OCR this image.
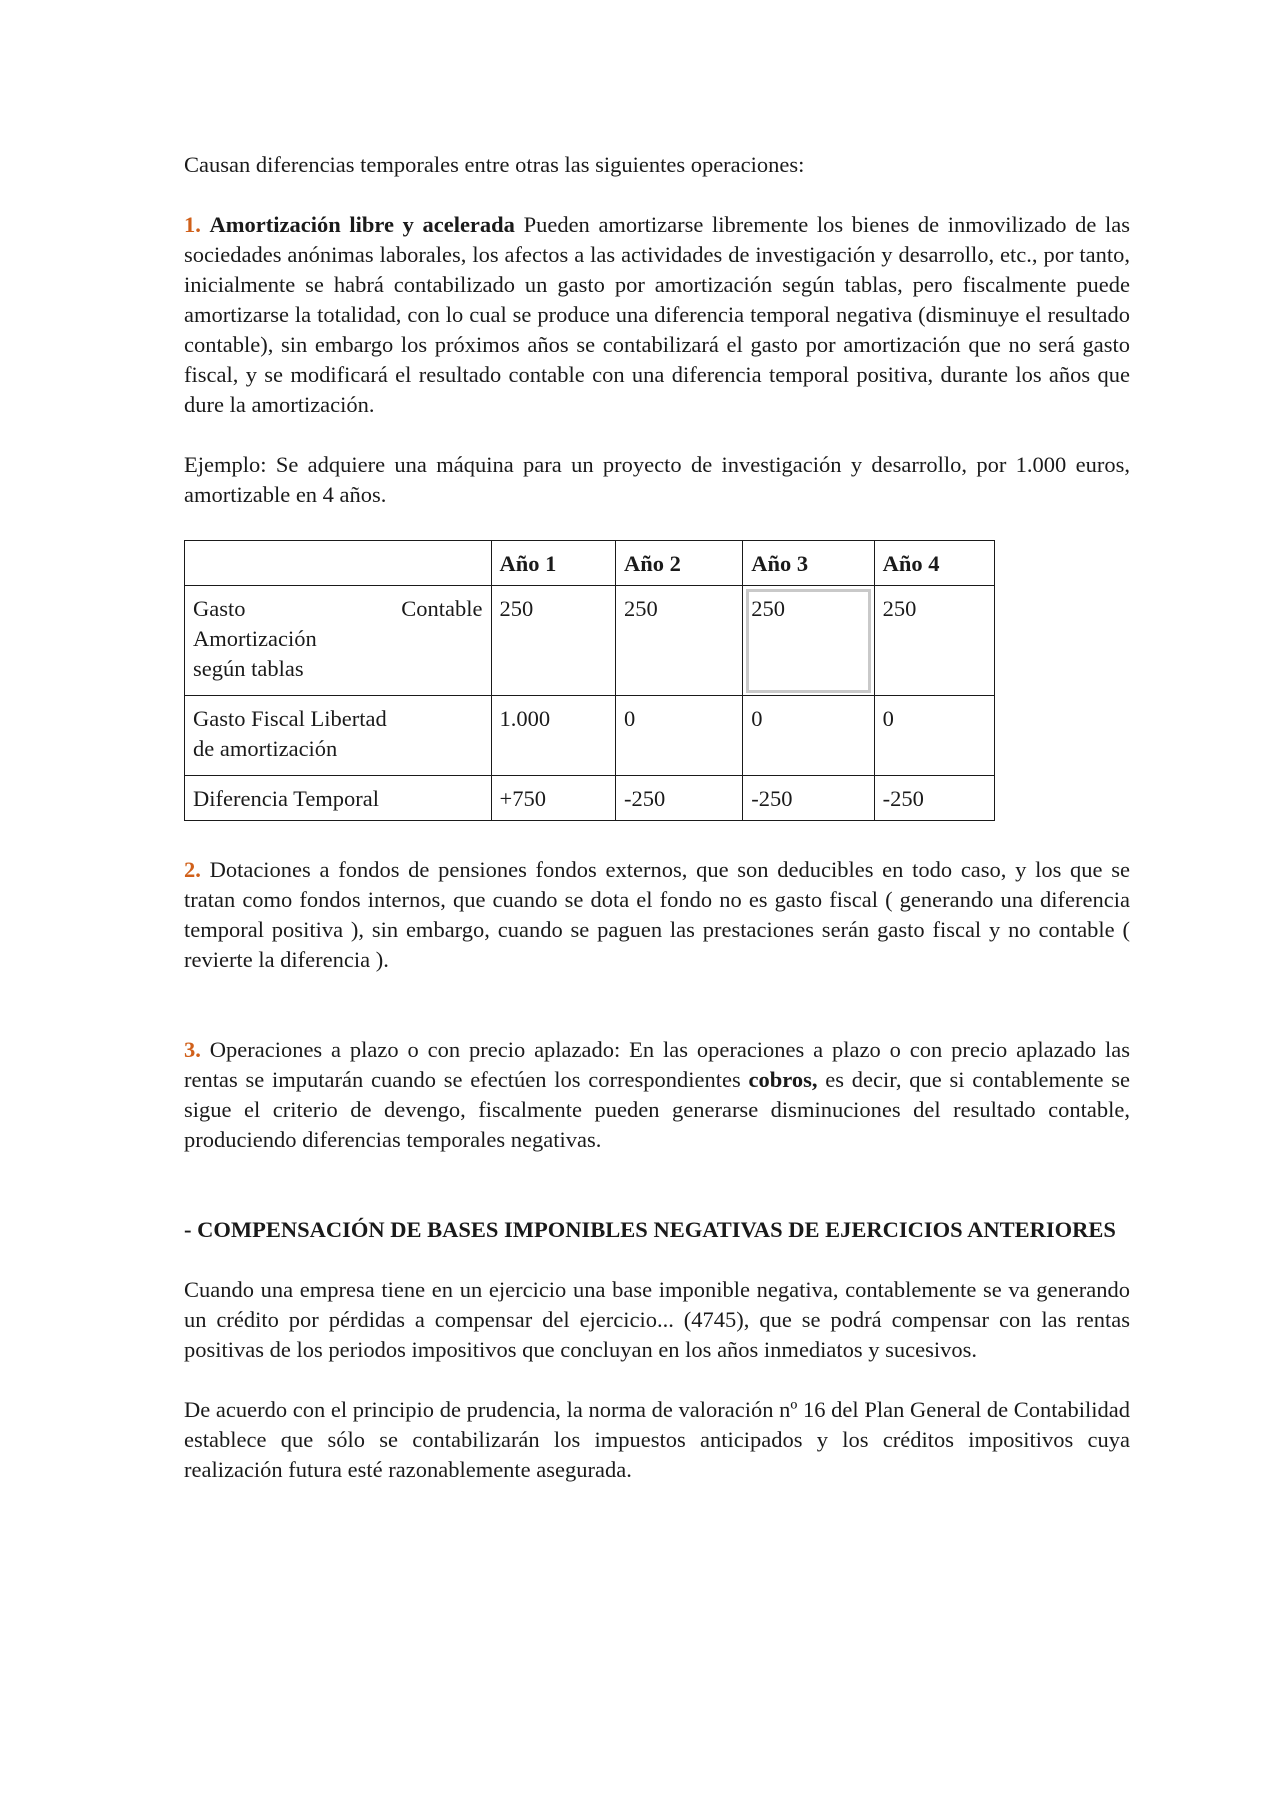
Causan diferencias temporales entre otras las siguientes operaciones:

1. Amortización libre y acelerada Pueden amortizarse libremente los bienes de inmovilizado de las sociedades anónimas laborales, los afectos a las actividades de investigación y desarrollo, etc., por tanto, inicialmente se habrá contabilizado un gasto por amortización según tablas, pero fiscalmente puede amortizarse la totalidad, con lo cual se produce una diferencia temporal negativa (disminuye el resultado contable), sin embargo los próximos años se contabilizará el gasto por amortización que no será gasto fiscal, y se modificará el resultado contable con una diferencia temporal positiva, durante los años que dure la amortización.

Ejemplo: Se adquiere una máquina para un proyecto de investigación y desarrollo, por 1.000 euros, amortizable en 4 años.

	Año 1	Año 2	Año 3	Año 4

Gasto Contable
Amortización
según tablas	250	250	250	250

Gasto Fiscal Libertad
de amortización	1.000	0	0	0
Diferencia Temporal	+750	-250	-250	-250

2. Dotaciones a fondos de pensiones fondos externos, que son deducibles en todo caso, y los que se tratan como fondos internos, que cuando se dota el fondo no es gasto fiscal ( generando una diferencia temporal positiva ), sin embargo, cuando se paguen las prestaciones serán gasto fiscal y no contable ( revierte la diferencia ).

3. Operaciones a plazo o con precio aplazado: En las operaciones a plazo o con precio aplazado las rentas se imputarán cuando se efectúen los correspondientes cobros, es decir, que si contablemente se sigue el criterio de devengo, fiscalmente pueden generarse disminuciones del resultado contable, produciendo diferencias temporales negativas.

- COMPENSACIÓN DE BASES IMPONIBLES NEGATIVAS DE EJERCICIOS ANTERIORES

Cuando una empresa tiene en un ejercicio una base imponible negativa, contablemente se va generando un crédito por pérdidas a compensar del ejercicio... (4745), que se podrá compensar con las rentas positivas de los periodos impositivos que concluyan en los años inmediatos y sucesivos.

De acuerdo con el principio de prudencia, la norma de valoración nº 16 del Plan General de Contabilidad establece que sólo se contabilizarán los impuestos anticipados y los créditos impositivos cuya realización futura esté razonablemente asegurada.
